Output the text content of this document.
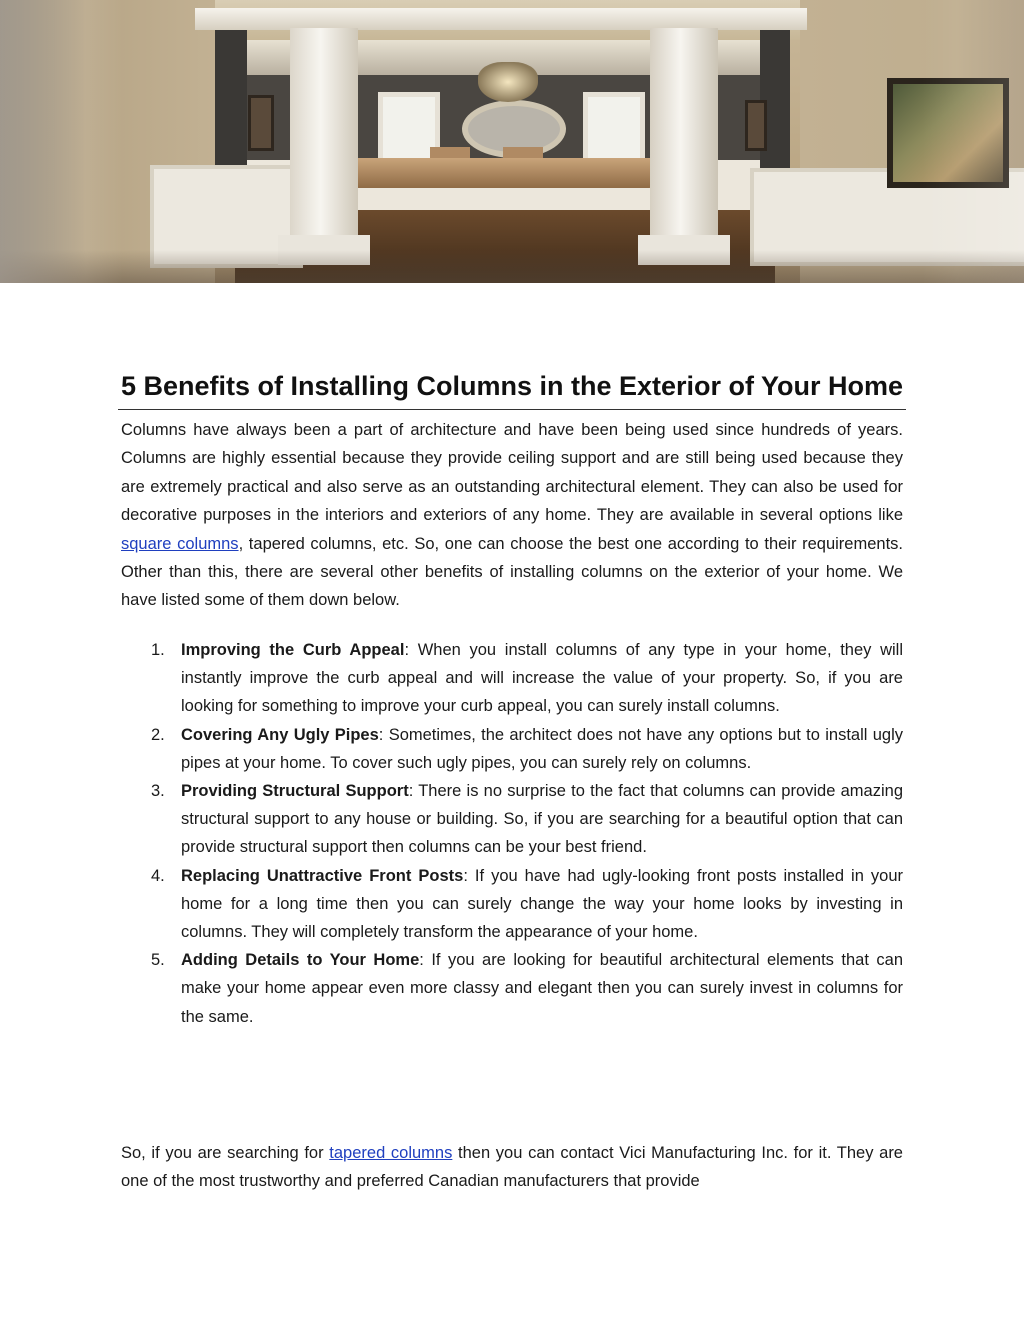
5 Benefits of Installing Columns in the Exterior of Your Home

Columns have always been a part of architecture and have been being used since hundreds of years. Columns are highly essential because they provide ceiling support and are still being used because they are extremely practical and also serve as an outstanding architectural element. They can also be used for decorative purposes in the interiors and exteriors of any home. They are available in several options like square columns, tapered columns, etc. So, one can choose the best one according to their requirements. Other than this, there are several other benefits of installing columns on the exterior of your home. We have listed some of them down below.

1. Improving the Curb Appeal: When you install columns of any type in your home, they will instantly improve the curb appeal and will increase the value of your property. So, if you are looking for something to improve your curb appeal, you can surely install columns.
2. Covering Any Ugly Pipes: Sometimes, the architect does not have any options but to install ugly pipes at your home. To cover such ugly pipes, you can surely rely on columns.
3. Providing Structural Support: There is no surprise to the fact that columns can provide amazing structural support to any house or building. So, if you are searching for a beautiful option that can provide structural support then columns can be your best friend.
4. Replacing Unattractive Front Posts: If you have had ugly-looking front posts installed in your home for a long time then you can surely change the way your home looks by investing in columns. They will completely transform the appearance of your home.
5. Adding Details to Your Home: If you are looking for beautiful architectural elements that can make your home appear even more classy and elegant then you can surely invest in columns for the same.

So, if you are searching for tapered columns then you can contact Vici Manufacturing Inc. for it. They are one of the most trustworthy and preferred Canadian manufacturers that provide
